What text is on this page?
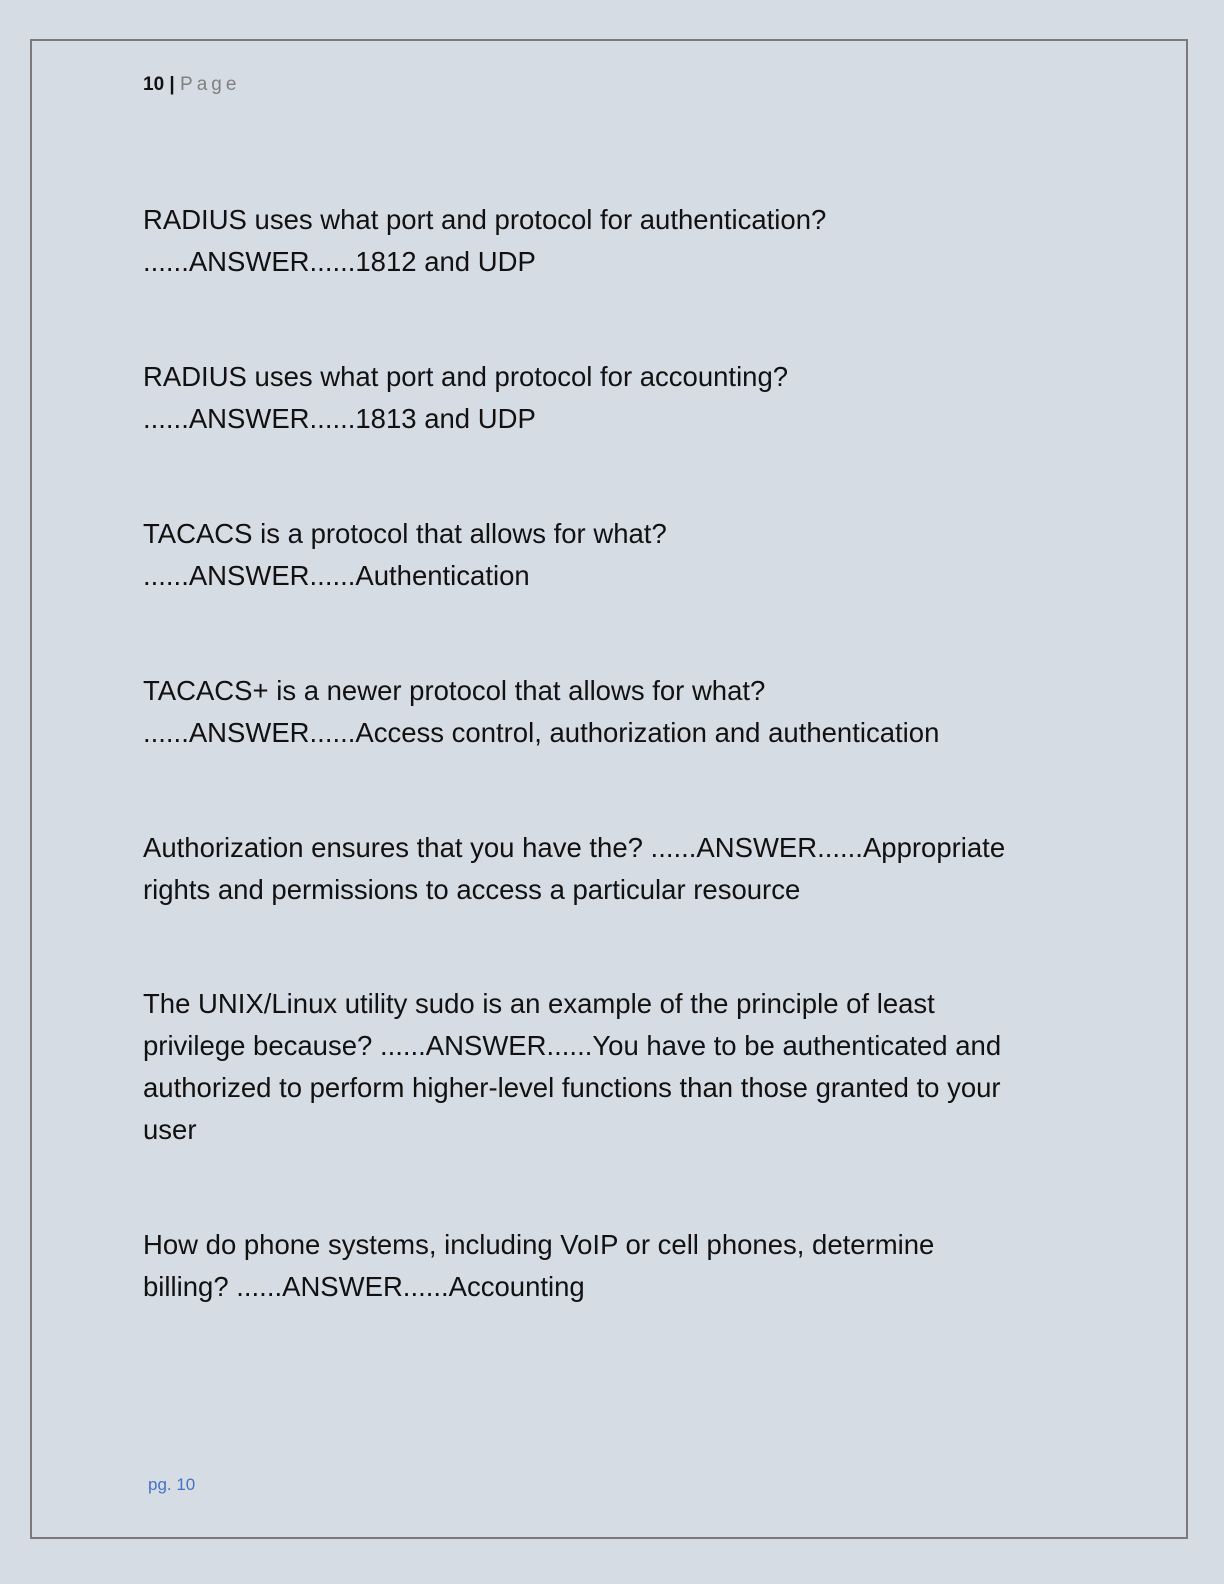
10 | Page
RADIUS uses what port and protocol for authentication?
......ANSWER......1812 and UDP
RADIUS uses what port and protocol for accounting?
......ANSWER......1813 and UDP
TACACS is a protocol that allows for what?
......ANSWER......Authentication
TACACS+ is a newer protocol that allows for what?
......ANSWER......Access control, authorization and authentication
Authorization ensures that you have the? ......ANSWER......Appropriate
rights and permissions to access a particular resource
The UNIX/Linux utility sudo is an example of the principle of least
privilege because? ......ANSWER......You have to be authenticated and
authorized to perform higher-level functions than those granted to your
user
How do phone systems, including VoIP or cell phones, determine
billing? ......ANSWER......Accounting
pg. 10
